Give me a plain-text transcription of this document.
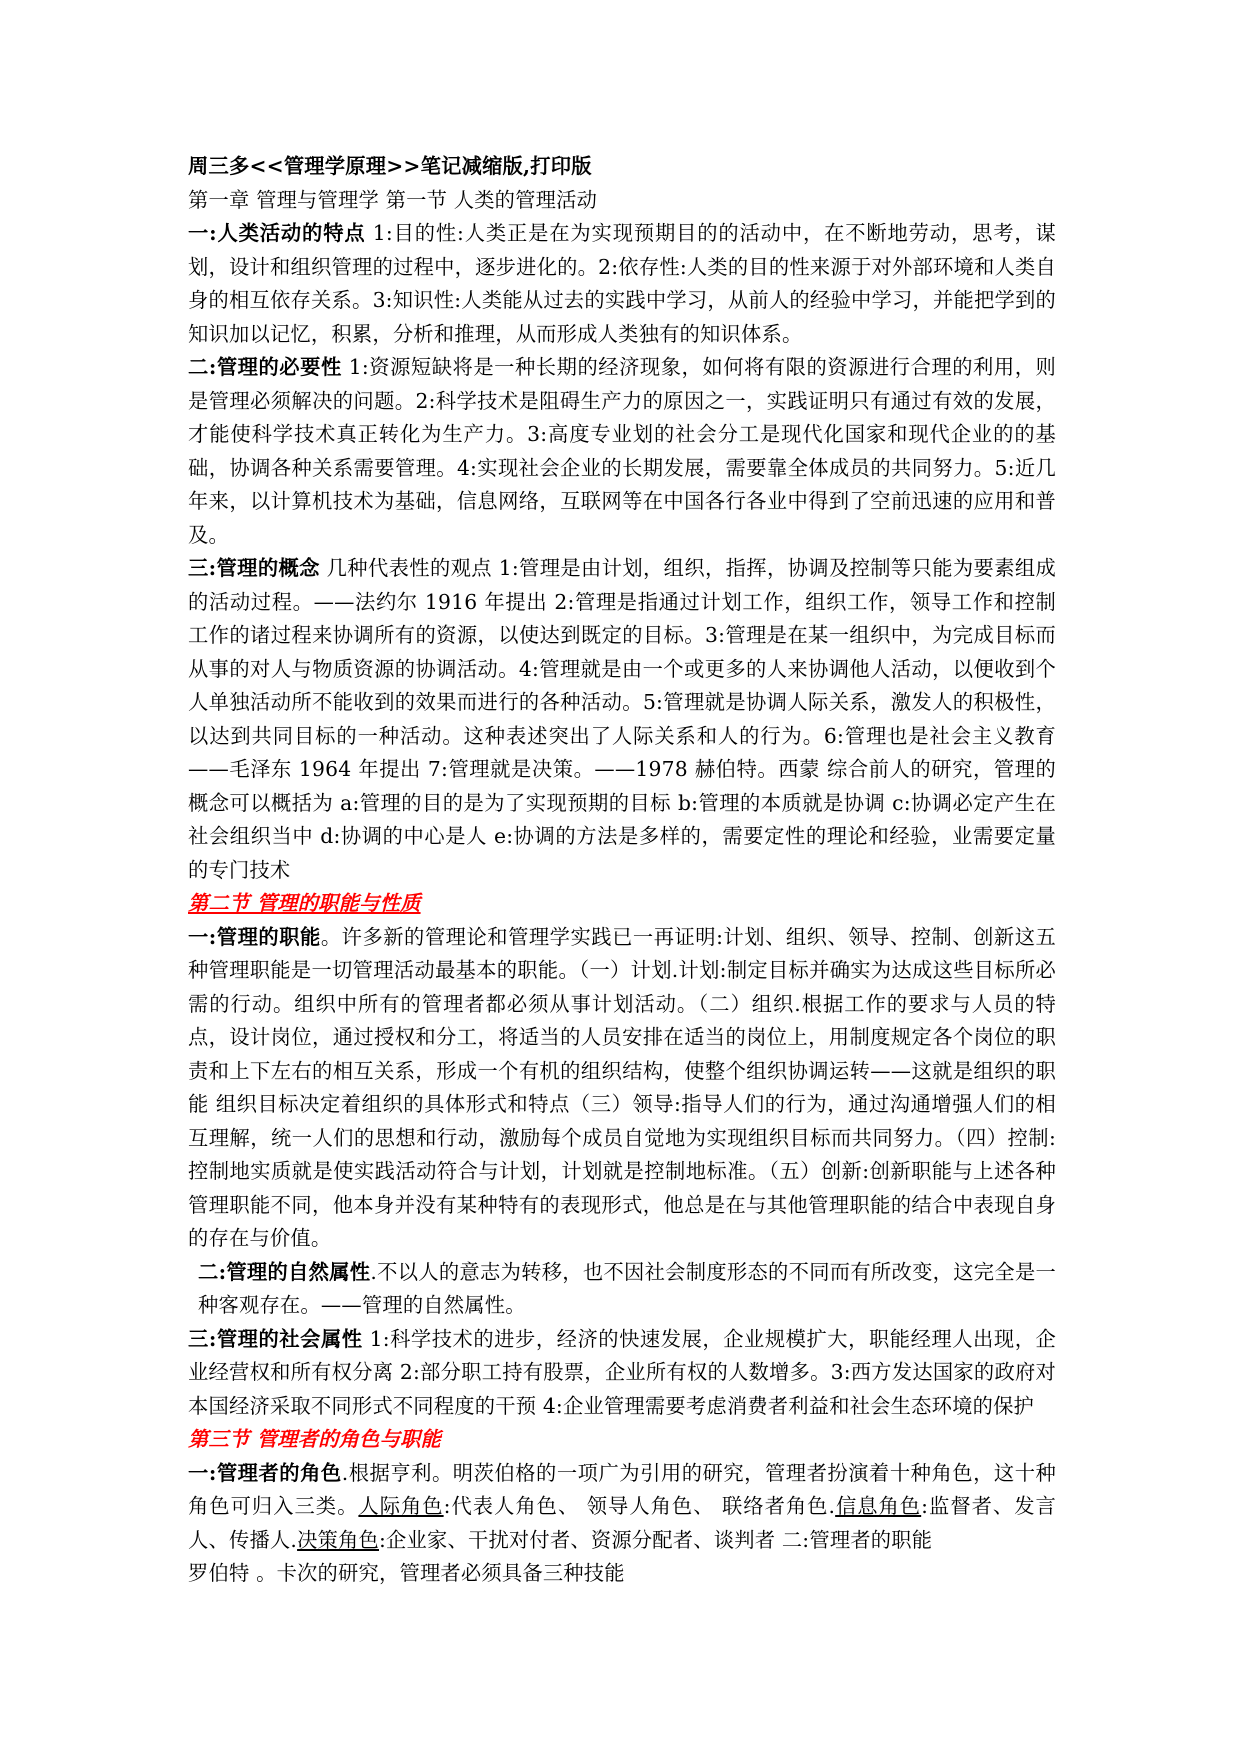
周三多<<管理学原理>>笔记减缩版,打印版

第一章 管理与管理学 第一节 人类的管理活动

一:人类活动的特点 1:目的性:人类正是在为实现预期目的的活动中，在不断地劳动，思考，谋划，设计和组织管理的过程中，逐步进化的。2:依存性:人类的目的性来源于对外部环境和人类自身的相互依存关系。3:知识性:人类能从过去的实践中学习，从前人的经验中学习，并能把学到的知识加以记忆，积累，分析和推理，从而形成人类独有的知识体系。

二:管理的必要性 1:资源短缺将是一种长期的经济现象，如何将有限的资源进行合理的利用，则是管理必须解决的问题。2:科学技术是阻碍生产力的原因之一，实践证明只有通过有效的发展，才能使科学技术真正转化为生产力。3:高度专业划的社会分工是现代化国家和现代企业的的基础，协调各种关系需要管理。4:实现社会企业的长期发展，需要靠全体成员的共同努力。5:近几年来，以计算机技术为基础，信息网络，互联网等在中国各行各业中得到了空前迅速的应用和普及。

三:管理的概念 几种代表性的观点 1:管理是由计划，组织，指挥，协调及控制等只能为要素组成的活动过程。——法约尔 1916 年提出 2:管理是指通过计划工作，组织工作，领导工作和控制工作的诸过程来协调所有的资源，以使达到既定的目标。3:管理是在某一组织中，为完成目标而从事的对人与物质资源的协调活动。4:管理就是由一个或更多的人来协调他人活动，以便收到个人单独活动所不能收到的效果而进行的各种活动。5:管理就是协调人际关系，激发人的积极性，以达到共同目标的一种活动。这种表述突出了人际关系和人的行为。6:管理也是社会主义教育——毛泽东 1964 年提出 7:管理就是决策。——1978 赫伯特。西蒙 综合前人的研究，管理的概念可以概括为 a:管理的目的是为了实现预期的目标 b:管理的本质就是协调 c:协调必定产生在社会组织当中 d:协调的中心是人 e:协调的方法是多样的，需要定性的理论和经验，业需要定量的专门技术

第二节 管理的职能与性质

一:管理的职能。许多新的管理论和管理学实践已一再证明:计划、组织、领导、控制、创新这五种管理职能是一切管理活动最基本的职能。（一）计划.计划:制定目标并确实为达成这些目标所必需的行动。组织中所有的管理者都必须从事计划活动。（二）组织.根据工作的要求与人员的特点，设计岗位，通过授权和分工，将适当的人员安排在适当的岗位上，用制度规定各个岗位的职责和上下左右的相互关系，形成一个有机的组织结构，使整个组织协调运转——这就是组织的职能 组织目标决定着组织的具体形式和特点（三）领导:指导人们的行为，通过沟通增强人们的相互理解，统一人们的思想和行动，激励每个成员自觉地为实现组织目标而共同努力。（四）控制:控制地实质就是使实践活动符合与计划，计划就是控制地标准。（五）创新:创新职能与上述各种管理职能不同，他本身并没有某种特有的表现形式，他总是在与其他管理职能的结合中表现自身的存在与价值。

二:管理的自然属性.不以人的意志为转移，也不因社会制度形态的不同而有所改变，这完全是一种客观存在。——管理的自然属性。

三:管理的社会属性 1:科学技术的进步，经济的快速发展，企业规模扩大，职能经理人出现，企业经营权和所有权分离 2:部分职工持有股票，企业所有权的人数增多。3:西方发达国家的政府对本国经济采取不同形式不同程度的干预 4:企业管理需要考虑消费者利益和社会生态环境的保护

第三节 管理者的角色与职能

一:管理者的角色.根据亨利。明茨伯格的一项广为引用的研究，管理者扮演着十种角色，这十种角色可归入三类。人际角色:代表人角色、 领导人角色、 联络者角色.信息角色:监督者、发言人、传播人.决策角色:企业家、干扰对付者、资源分配者、谈判者 二:管理者的职能

罗伯特 。卡次的研究，管理者必须具备三种技能
